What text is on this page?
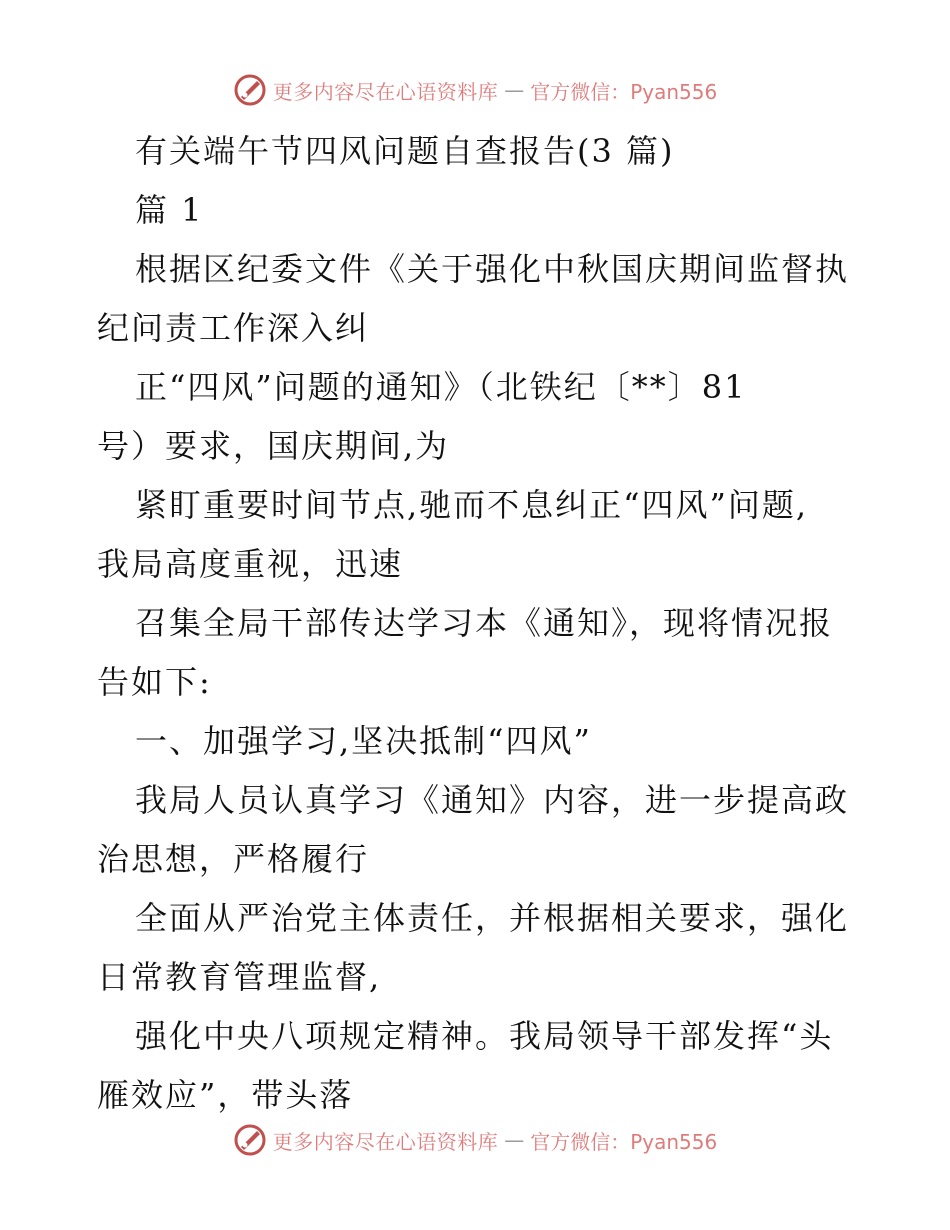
更多内容尽在心语资料库 — 官方微信：Pyan556
有关端午节四风问题自查报告(3 篇)
篇 1
根据区纪委文件《关于强化中秋国庆期间监督执
纪问责工作深入纠
正“四风”问题的通知》（北铁纪〔**〕81
号）要求，国庆期间,为
紧盯重要时间节点,驰而不息纠正“四风”问题,
我局高度重视，迅速
召集全局干部传达学习本《通知》，现将情况报
告如下:
一、加强学习,坚决抵制“四风”
我局人员认真学习《通知》内容，进一步提高政
治思想，严格履行
全面从严治党主体责任，并根据相关要求，强化
日常教育管理监督,
强化中央八项规定精神。我局领导干部发挥“头
雁效应”，带头落
更多内容尽在心语资料库 — 官方微信：Pyan556
